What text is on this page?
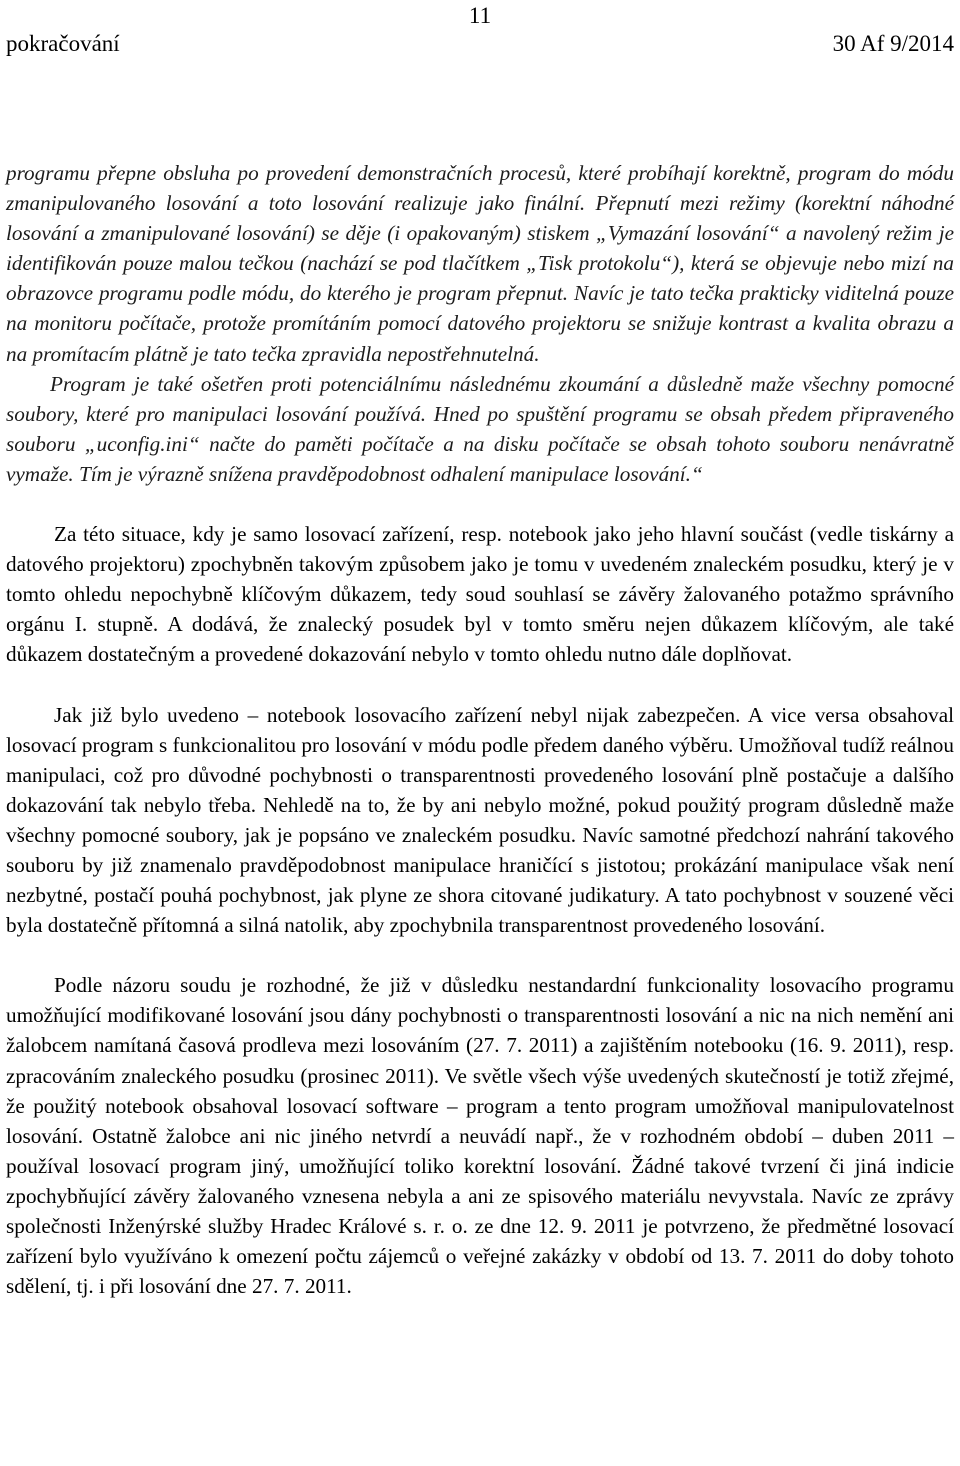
11
pokračování	30 Af 9/2014

programu přepne obsluha po provedení demonstračních procesů, které probíhají korektně, program do módu zmanipulovaného losování a toto losování realizuje jako finální. Přepnutí mezi režimy (korektní náhodné losování a zmanipulované losování) se děje (i opakovaným) stiskem „Vymazání losování“ a navolený režim je identifikován pouze malou tečkou (nachází se pod tlačítkem „Tisk protokolu“), která se objevuje nebo mizí na obrazovce programu podle módu, do kterého je program přepnut. Navíc je tato tečka prakticky viditelná pouze na monitoru počítače, protože promítáním pomocí datového projektoru se snižuje kontrast a kvalita obrazu a na promítacím plátně je tato tečka zpravidla nepostřehnutelná.

Program je také ošetřen proti potenciálnímu následnému zkoumání a důsledně maže všechny pomocné soubory, které pro manipulaci losování používá. Hned po spuštění programu se obsah předem připraveného souboru „uconfig.ini“ načte do paměti počítače a na disku počítače se obsah tohoto souboru nenávratně vymaže. Tím je výrazně snížena pravděpodobnost odhalení manipulace losování.“

Za této situace, kdy je samo losovací zařízení, resp. notebook jako jeho hlavní součást (vedle tiskárny a datového projektoru) zpochybněn takovým způsobem jako je tomu v uvedeném znaleckém posudku, který je v tomto ohledu nepochybně klíčovým důkazem, tedy soud souhlasí se závěry žalovaného potažmo správního orgánu I. stupně. A dodává, že znalecký posudek byl v tomto směru nejen důkazem klíčovým, ale také důkazem dostatečným a provedené dokazování nebylo v tomto ohledu nutno dále doplňovat.

Jak již bylo uvedeno – notebook losovacího zařízení nebyl nijak zabezpečen. A vice versa obsahoval losovací program s funkcionalitou pro losování v módu podle předem daného výběru. Umožňoval tudíž reálnou manipulaci, což pro důvodné pochybnosti o transparentnosti provedeného losování plně postačuje a dalšího dokazování tak nebylo třeba. Nehledě na to, že by ani nebylo možné, pokud použitý program důsledně maže všechny pomocné soubory, jak je popsáno ve znaleckém posudku. Navíc samotné předchozí nahrání takového souboru by již znamenalo pravděpodobnost manipulace hraničící s jistotou; prokázání manipulace však není nezbytné, postačí pouhá pochybnost, jak plyne ze shora citované judikatury. A tato pochybnost v souzené věci byla dostatečně přítomná a silná natolik, aby zpochybnila transparentnost provedeného losování.

Podle názoru soudu je rozhodné, že již v důsledku nestandardní funkcionality losovacího programu umožňující modifikované losování jsou dány pochybnosti o transparentnosti losování a nic na nich nemění ani žalobcem namítaná časová prodleva mezi losováním (27. 7. 2011) a zajištěním notebooku (16. 9. 2011), resp. zpracováním znaleckého posudku (prosinec 2011). Ve světle všech výše uvedených skutečností je totiž zřejmé, že použitý notebook obsahoval losovací software – program a tento program umožňoval manipulovatelnost losování. Ostatně žalobce ani nic jiného netvrdí a neuvádí např., že v rozhodném období – duben 2011 – používal losovací program jiný, umožňující toliko korektní losování. Žádné takové tvrzení či jiná indicie zpochybňující závěry žalovaného vznesena nebyla a ani ze spisového materiálu nevyvstala. Navíc ze zprávy společnosti Inženýrské služby Hradec Králové s. r. o. ze dne 12. 9. 2011 je potvrzeno, že předmětné losovací zařízení bylo využíváno k omezení počtu zájemců o veřejné zakázky v období od 13. 7. 2011 do doby tohoto sdělení, tj. i při losování dne 27. 7. 2011.
